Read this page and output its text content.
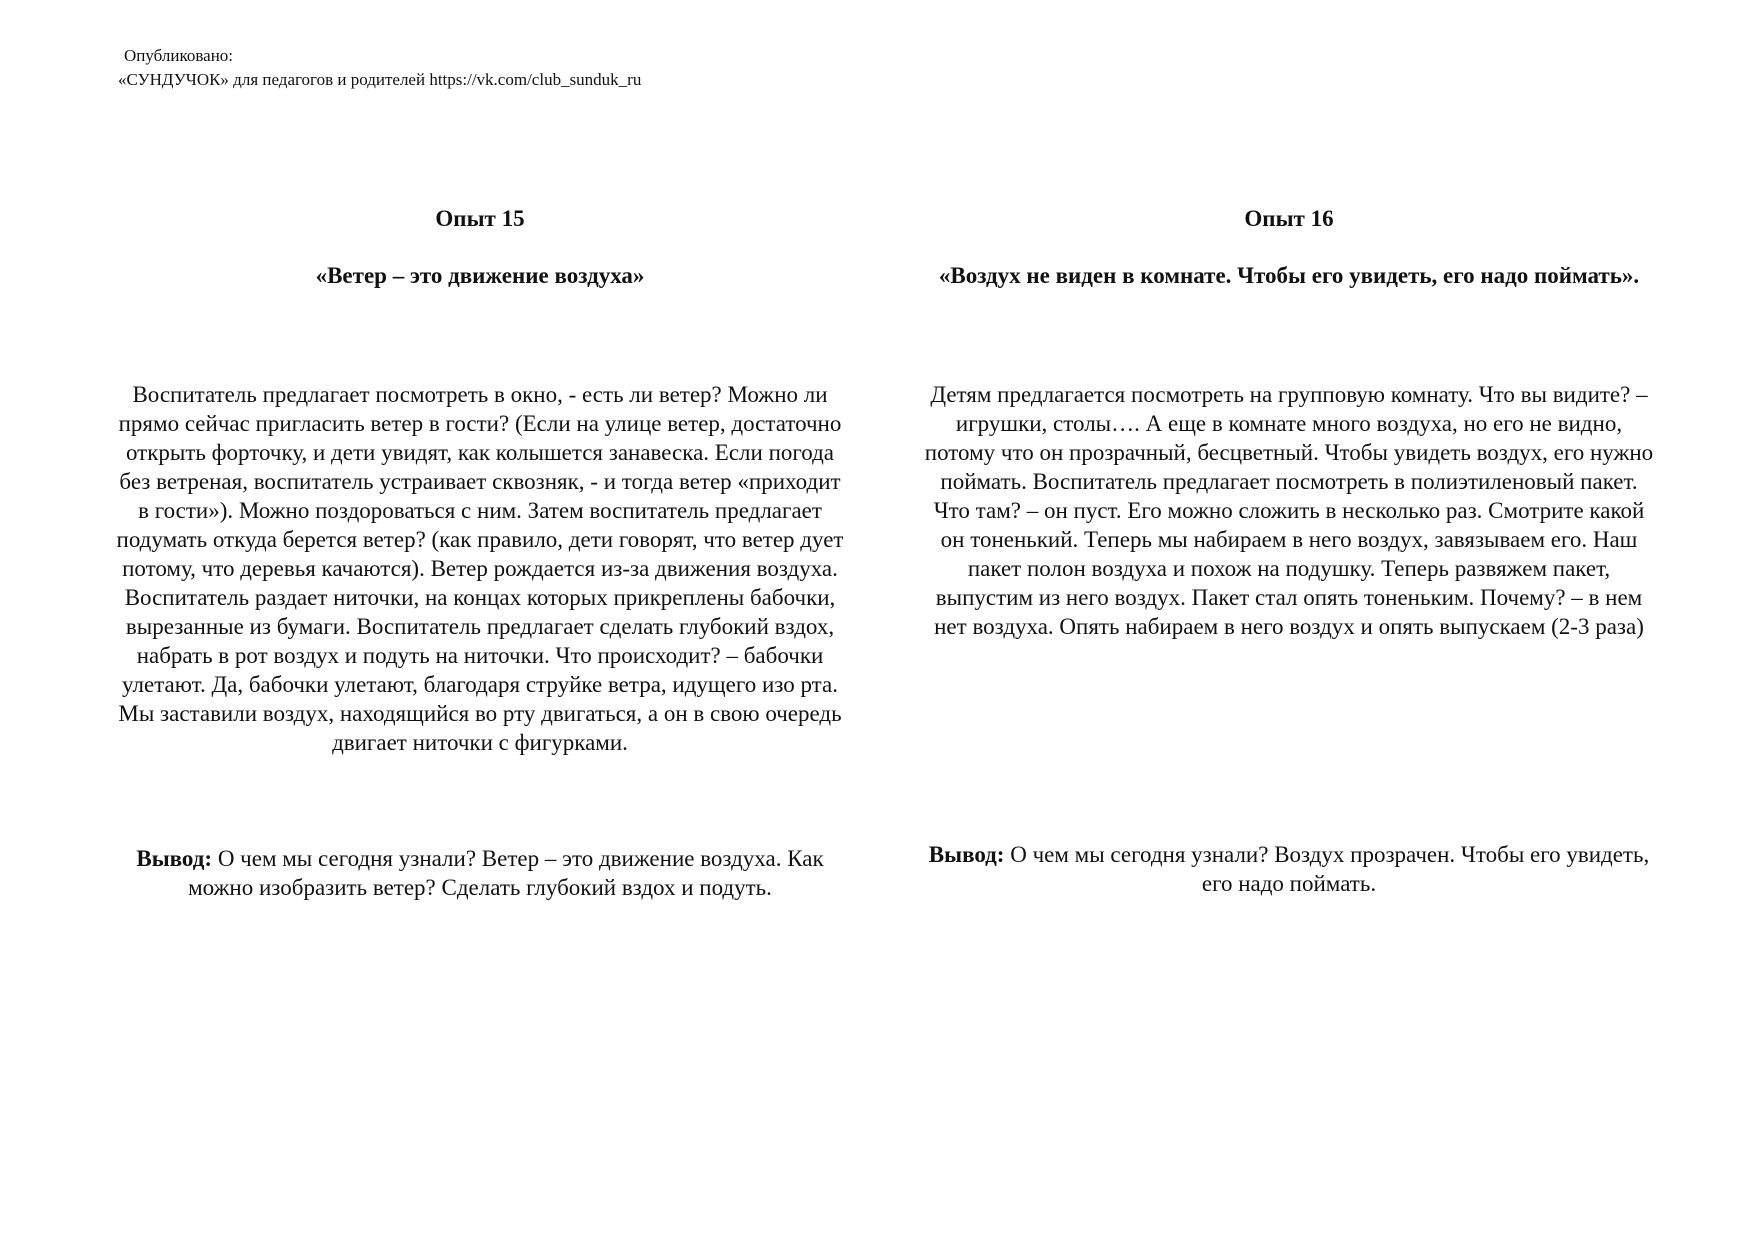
Опубликовано:
«СУНДУЧОК» для педагогов и родителей https://vk.com/club_sunduk_ru

Опыт 15

«Ветер – это движение воздуха»

Воспитатель предлагает посмотреть в окно, - есть ли ветер? Можно ли прямо сейчас пригласить ветер в гости? (Если на улице ветер, достаточно открыть форточку, и дети увидят, как колышется занавеска. Если погода без ветреная, воспитатель устраивает сквозняк, - и тогда ветер «приходит в гости»). Можно поздороваться с ним. Затем воспитатель предлагает подумать откуда берется ветер? (как правило, дети говорят, что ветер дует потому, что деревья качаются). Ветер рождается из-за движения воздуха. Воспитатель раздает ниточки, на концах которых прикреплены бабочки, вырезанные из бумаги. Воспитатель предлагает сделать глубокий вздох, набрать в рот воздух и подуть на ниточки. Что происходит? – бабочки улетают. Да, бабочки улетают, благодаря струйке ветра, идущего изо рта. Мы заставили воздух, находящийся во рту двигаться, а он в свою очередь двигает ниточки с фигурками.

Вывод: О чем мы сегодня узнали? Ветер – это движение воздуха. Как можно изобразить ветер? Сделать глубокий вздох и подуть.

Опыт 16

«Воздух не виден в комнате. Чтобы его увидеть, его надо поймать».

Детям предлагается посмотреть на групповую комнату. Что вы видите? – игрушки, столы…. А еще в комнате много воздуха, но его не видно, потому что он прозрачный, бесцветный. Чтобы увидеть воздух, его нужно поймать. Воспитатель предлагает посмотреть в полиэтиленовый пакет. Что там? – он пуст. Его можно сложить в несколько раз. Смотрите какой он тоненький. Теперь мы набираем в него воздух, завязываем его. Наш пакет полон воздуха и похож на подушку. Теперь развяжем пакет, выпустим из него воздух. Пакет стал опять тоненьким. Почему? – в нем нет воздуха. Опять набираем в него воздух и опять выпускаем (2-3 раза)

Вывод: О чем мы сегодня узнали? Воздух прозрачен. Чтобы его увидеть, его надо поймать.
